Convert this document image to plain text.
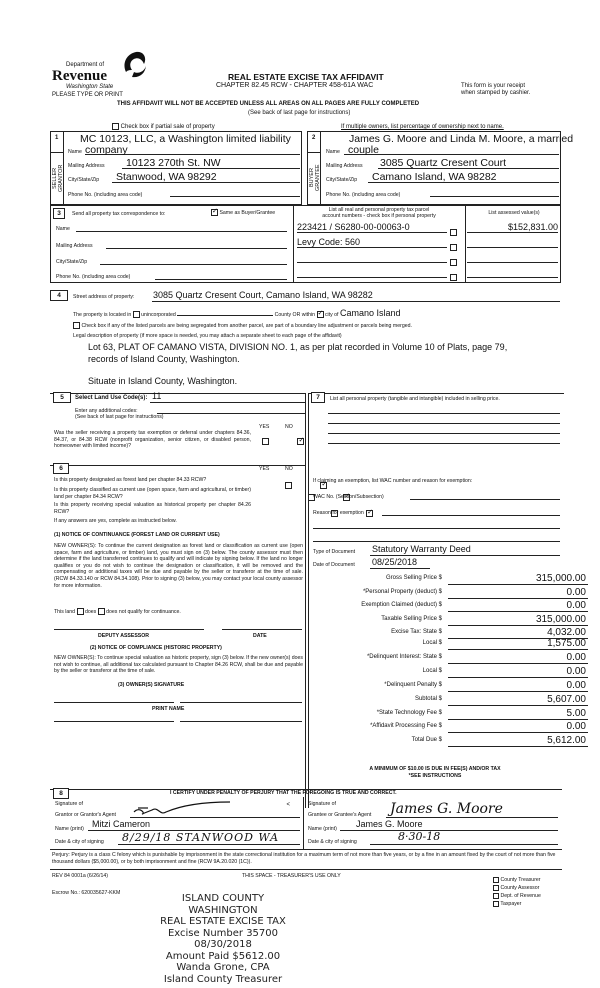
Department of
Revenue
Washington State
PLEASE TYPE OR PRINT
REAL ESTATE EXCISE TAX AFFIDAVIT
CHAPTER 82.45 RCW - CHAPTER 458-61A WAC	This form is your receipt
when stamped by cashier.
THIS AFFIDAVIT WILL NOT BE ACCEPTED UNLESS ALL AREAS ON ALL PAGES ARE FULLY COMPLETED
(See back of last page for instructions)
Check box if partial sale of property	If multiple owners, list percentage of ownership next to name.
1
SELLER
GRANTOR
MC 10123, LLC, a Washington limited liability
Name company
Mailing Address 10123 270th St. NW
City/State/Zip Stanwood, WA 98292
Phone No. (including area code)
2
BUYER
GRANTEE
James G. Moore and Linda M. Moore, a married
Name couple
Mailing Address 3085 Quartz Cresent Court
City/State/Zip Camano Island, WA 98282
Phone No. (including area code)
3	Send all property tax correspondence to: ✓	Same as Buyer/Grantee
Name
Mailing Address
City/State/Zip
Phone No. (including area code)
List all real and personal property tax parcel
account numbers - check box if personal property	List assessed value(s)
223421 / S6280-00-00063-0	$152,831.00
Levy Code: 560
4	Street address of property: 3085 Quartz Cresent Court, Camano Island, WA 98282
The property is located in unincorporated	County OR within ✓ city of Camano Island
Check box if any of the listed parcels are being segregated from another parcel, are part of a boundary line adjustment or parcels being merged.
Legal description of property (if more space is needed, you may attach a separate sheet to each page of the affidavit)
Lot 63, PLAT OF CAMANO VISTA, DIVISION NO. 1, as per plat recorded in Volume 10 of Plats, page 79,
records of Island County, Washington.
Situate in Island County, Washington.
5	Select Land Use Code(s): 11
Enter any additional codes:
(See back of last page for instructions)
YES	NO
Was the seller receiving a property tax exemption or deferral under chapters 84.36, 84.37, or 84.38 RCW (nonprofit organization, senior citizen, or disabled person, homeowner with limited income)?
✓
6	YES	NO
Is this property designated as forest land per chapter 84.33 RCW?
✓
Is this property classified as current use (open space, farm and agricultural, or timber) land per chapter 84.34 RCW?
✓
Is this property receiving special valuation as historical property per chapter 84.26 RCW?
✓
If any answers are yes, complete as instructed below.
(1) NOTICE OF CONTINUANCE (FOREST LAND OR CURRENT USE)
NEW OWNER(S): To continue the current designation as forest land or classification as current use (open space, farm and agriculture, or timber) land, you must sign on (3) below. The county assessor must then determine if the land transferred continues to qualify and will indicate by signing below. If the land no longer qualifies or you do not wish to continue the designation or classification, it will be removed and the compensating or additional taxes will be due and payable by the seller or transferor at the time of sale. (RCW 84.33.140 or RCW 84.34.108). Prior to signing (3) below, you may contact your local county assessor for more information.
This land does does not qualify for continuance.
DEPUTY ASSESSOR	DATE
(2) NOTICE OF COMPLIANCE (HISTORIC PROPERTY)
NEW OWNER(S): To continue special valuation as historic property, sign (3) below. If the new owner(s) does not wish to continue, all additional tax calculated pursuant to Chapter 84.26 RCW, shall be due and payable by the seller or transferor at the time of sale.
(3) OWNER(S) SIGNATURE
PRINT NAME
7	List all personal property (tangible and intangible) included in selling price.
If claiming an exemption, list WAC number and reason for exemption:
WAC No. (Section/Subsection)
Reason for exemption
Type of Document Statutory Warranty Deed
Date of Document 08/25/2018
Gross Selling Price $	315,000.00
*Personal Property (deduct) $	0.00
Exemption Claimed (deduct) $	0.00
Taxable Selling Price $	315,000.00
Excise Tax: State $	4,032.00
Local $	1,575.00
*Delinquent Interest: State $	0.00
Local $	0.00
*Delinquent Penalty $	0.00
Subtotal $	5,607.00
*State Technology Fee $	5.00
*Affidavit Processing Fee $	0.00
Total Due $	5,612.00
A MINIMUM OF $10.00 IS DUE IN FEE(S) AND/OR TAX
*SEE INSTRUCTIONS
8	I CERTIFY UNDER PENALTY OF PERJURY THAT THE FOREGOING IS TRUE AND CORRECT.
Signature of
Grantor or Grantor's Agent
<
Name (print) Mitzi Cameron
Date & city of signing 8/29/18 STANWOOD WA
Signature of
Grantee or Grantee's Agent James G. Moore
Name (print) James G. Moore
Date & city of signing	8·30-18
Perjury: Perjury is a class C felony which is punishable by imprisonment in the state correctional institution for a maximum term of not more than five years, or by a fine in an amount fixed by the court of not more than five thousand dollars ($5,000.00), or by both imprisonment and fine (RCW 9A.20.020 (1C)).
REV 84 0001a (6/26/14)	THIS SPACE - TREASURER'S USE ONLY
Escrow No.: 620035627-KKM
County Treasurer
County Assessor
Dept. of Revenue
Taxpayer
ISLAND COUNTY WASHINGTON
REAL ESTATE EXCISE TAX
Excise Number 35700
08/30/2018
Amount Paid $5612.00
Wanda Grone, CPA
Island County Treasurer
